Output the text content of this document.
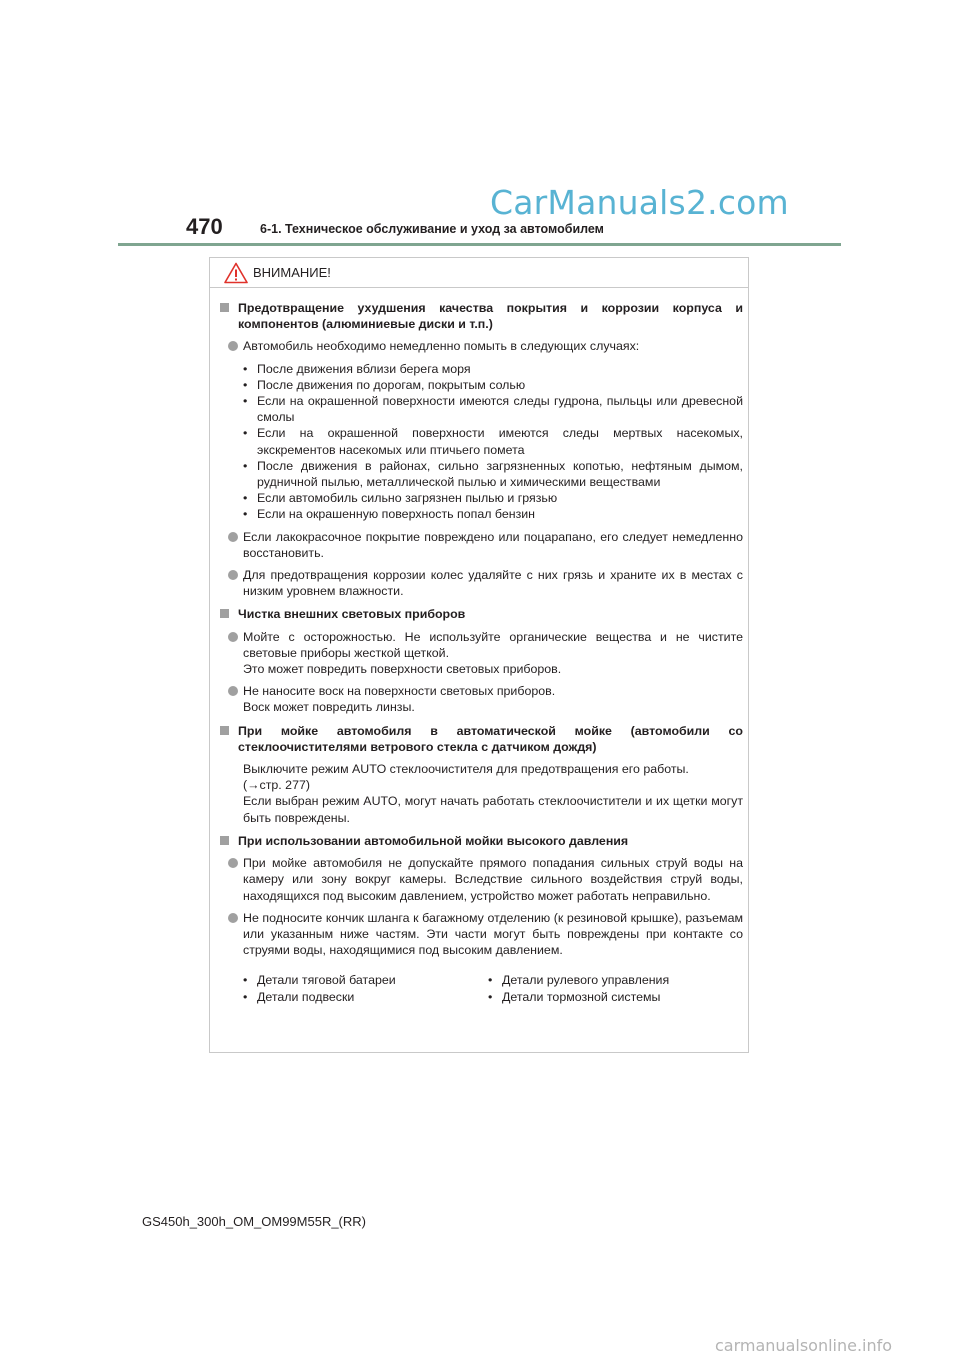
CarManuals2.com
470	6-1. Техническое обслуживание и уход за автомобилем
ВНИМАНИЕ!
Предотвращение ухудшения качества покрытия и коррозии корпуса и компонентов (алюминиевые диски и т.п.)
Автомобиль необходимо немедленно помыть в следующих случаях:
• После движения вблизи берега моря
• После движения по дорогам, покрытым солью
• Если на окрашенной поверхности имеются следы гудрона, пыльцы или древесной смолы
• Если на окрашенной поверхности имеются следы мертвых насекомых, экскрементов насекомых или птичьего помета
• После движения в районах, сильно загрязненных копотью, нефтяным дымом, рудничной пылью, металлической пылью и химическими веществами
• Если автомобиль сильно загрязнен пылью и грязью
• Если на окрашенную поверхность попал бензин
Если лакокрасочное покрытие повреждено или поцарапано, его следует немедленно восстановить.
Для предотвращения коррозии колес удаляйте с них грязь и храните их в местах с низким уровнем влажности.
Чистка внешних световых приборов
Мойте с осторожностью. Не используйте органические вещества и не чистите световые приборы жесткой щеткой.
Это может повредить поверхности световых приборов.
Не наносите воск на поверхности световых приборов.
Воск может повредить линзы.
При мойке автомобиля в автоматической мойке (автомобили со стеклоочистителями ветрового стекла с датчиком дождя)
Выключите режим AUTO стеклоочистителя для предотвращения его работы.
(→стр. 277)
Если выбран режим AUTO, могут начать работать стеклоочистители и их щетки могут быть повреждены.
При использовании автомобильной мойки высокого давления
При мойке автомобиля не допускайте прямого попадания сильных струй воды на камеру или зону вокруг камеры. Вследствие сильного воздействия струй воды, находящихся под высоким давлением, устройство может работать неправильно.
Не подносите кончик шланга к багажному отделению (к резиновой крышке), разъемам или указанным ниже частям. Эти части могут быть повреждены при контакте со струями воды, находящимися под высоким давлением.
• Детали тяговой батареи
• Детали подвески
• Детали рулевого управления
• Детали тормозной системы
GS450h_300h_OM_OM99M55R_(RR)
carmanualsonline.info
